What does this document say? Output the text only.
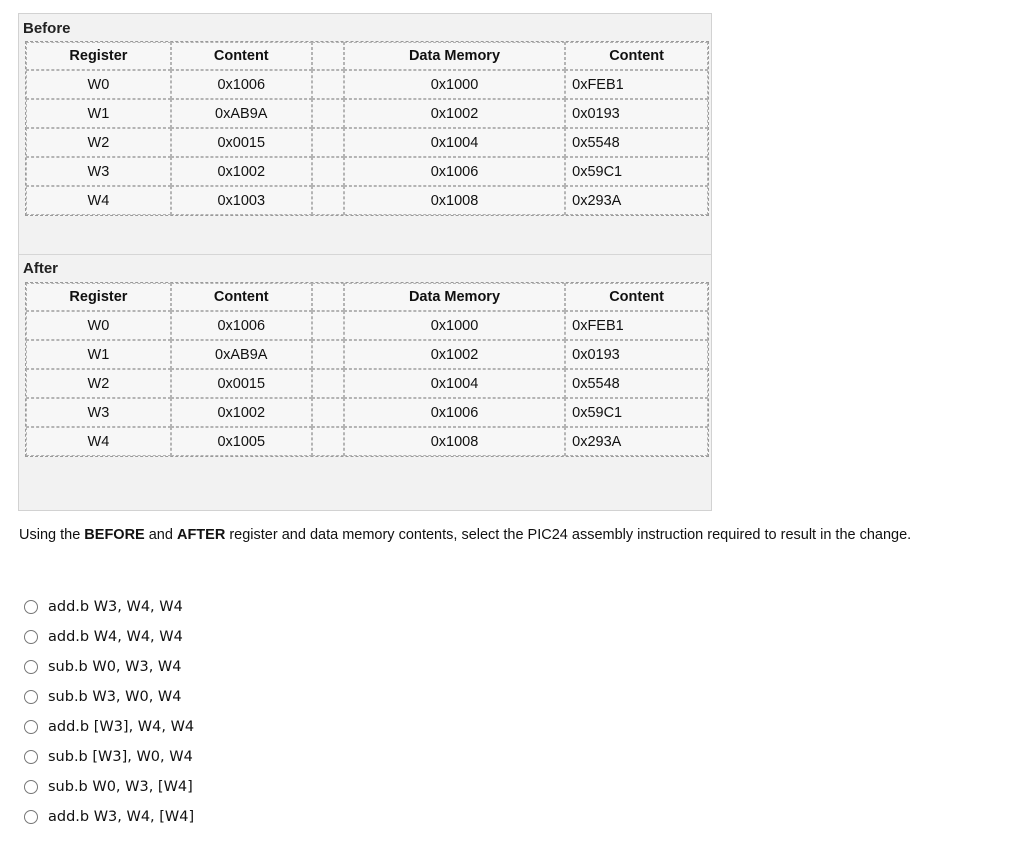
Before
Register	Content		Data Memory	Content
W0	0x1006		0x1000	0xFEB1
W1	0xAB9A		0x1002	0x0193
W2	0x0015		0x1004	0x5548
W3	0x1002		0x1006	0x59C1
W4	0x1003		0x1008	0x293A
After
Register	Content		Data Memory	Content
W0	0x1006		0x1000	0xFEB1
W1	0xAB9A		0x1002	0x0193
W2	0x0015		0x1004	0x5548
W3	0x1002		0x1006	0x59C1
W4	0x1005		0x1008	0x293A
Using the BEFORE and AFTER register and data memory contents, select the PIC24 assembly instruction required to result in the change.
add.b W3, W4, W4
add.b W4, W4, W4
sub.b W0, W3, W4
sub.b W3, W0, W4
add.b [W3], W4, W4
sub.b [W3], W0, W4
sub.b W0, W3, [W4]
add.b W3, W4, [W4]
